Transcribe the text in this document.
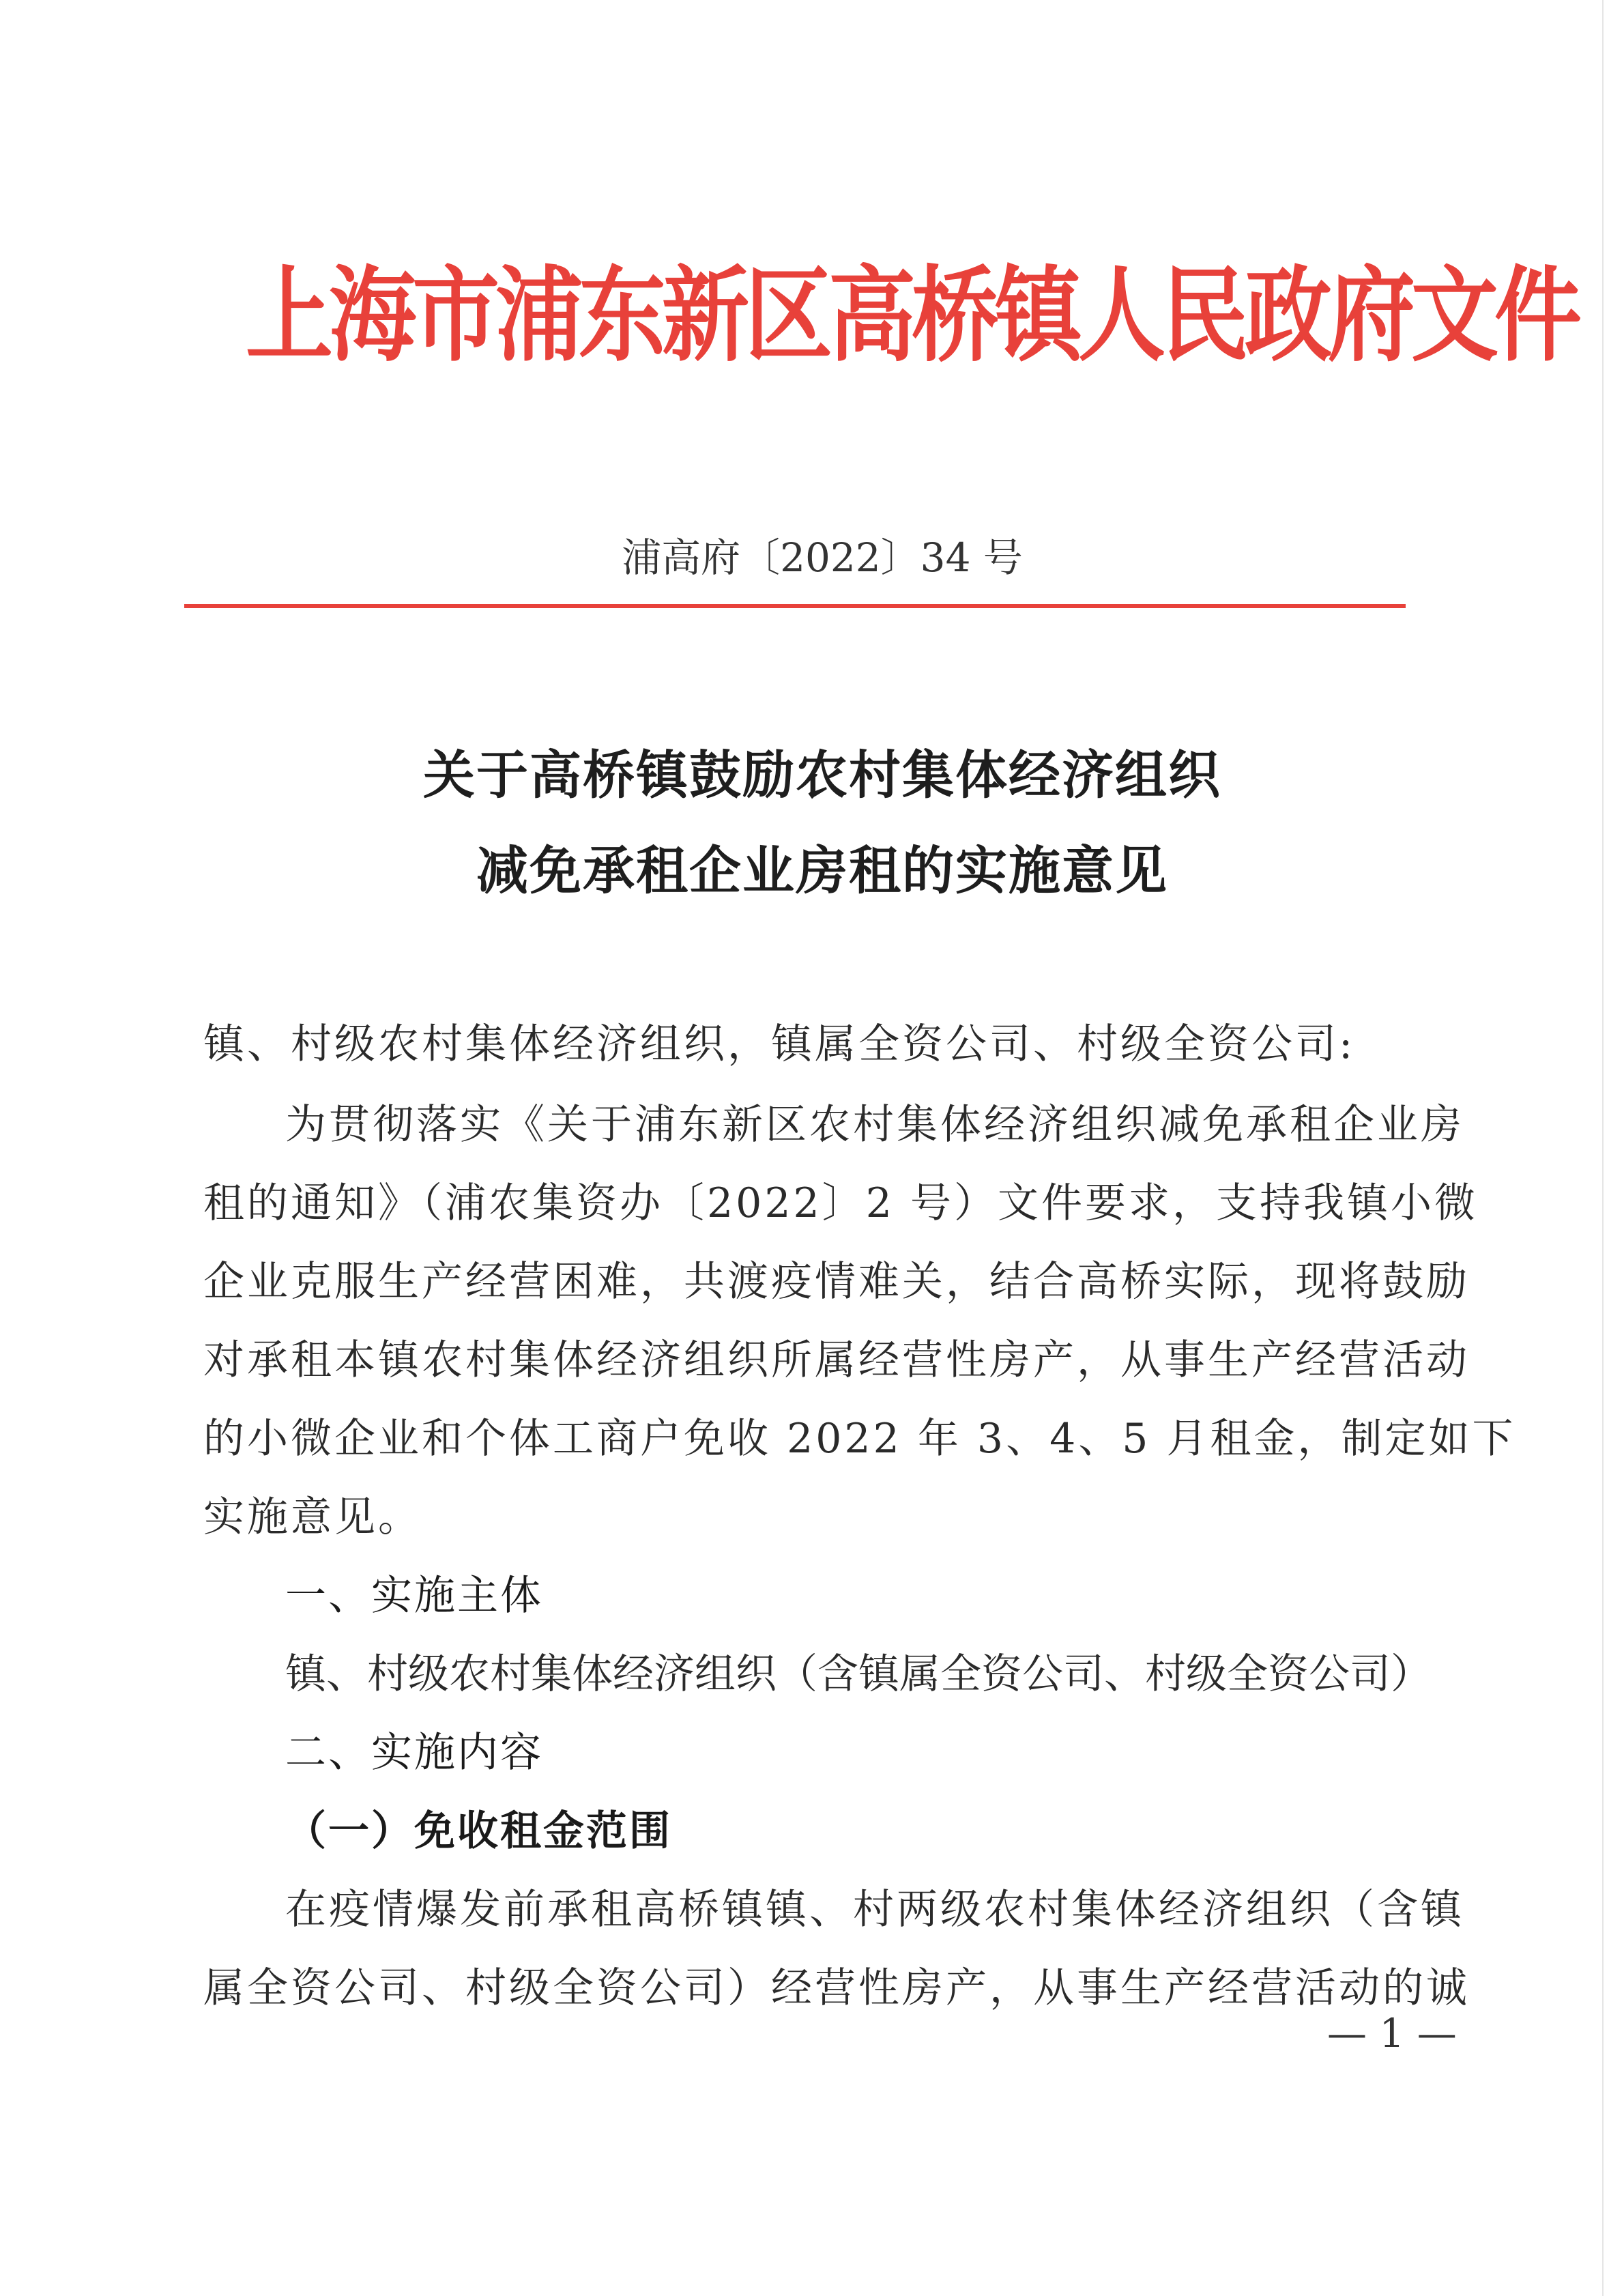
上海市浦东新区高桥镇人民政府文件
浦高府〔2022〕34 号
关于高桥镇鼓励农村集体经济组织
减免承租企业房租的实施意见
镇、村级农村集体经济组织，镇属全资公司、村级全资公司:
为贯彻落实《关于浦东新区农村集体经济组织减免承租企业房
租的通知》（浦农集资办〔2022〕2 号）文件要求，支持我镇小微
企业克服生产经营困难，共渡疫情难关，结合高桥实际，现将鼓励
对承租本镇农村集体经济组织所属经营性房产，从事生产经营活动
的小微企业和个体工商户免收 2022 年 3、4、5 月租金，制定如下
实施意见。
一、实施主体
镇、村级农村集体经济组织（含镇属全资公司、村级全资公司）
二、实施内容
（一）免收租金范围
在疫情爆发前承租高桥镇镇、村两级农村集体经济组织（含镇
属全资公司、村级全资公司）经营性房产，从事生产经营活动的诚
— 1 —
